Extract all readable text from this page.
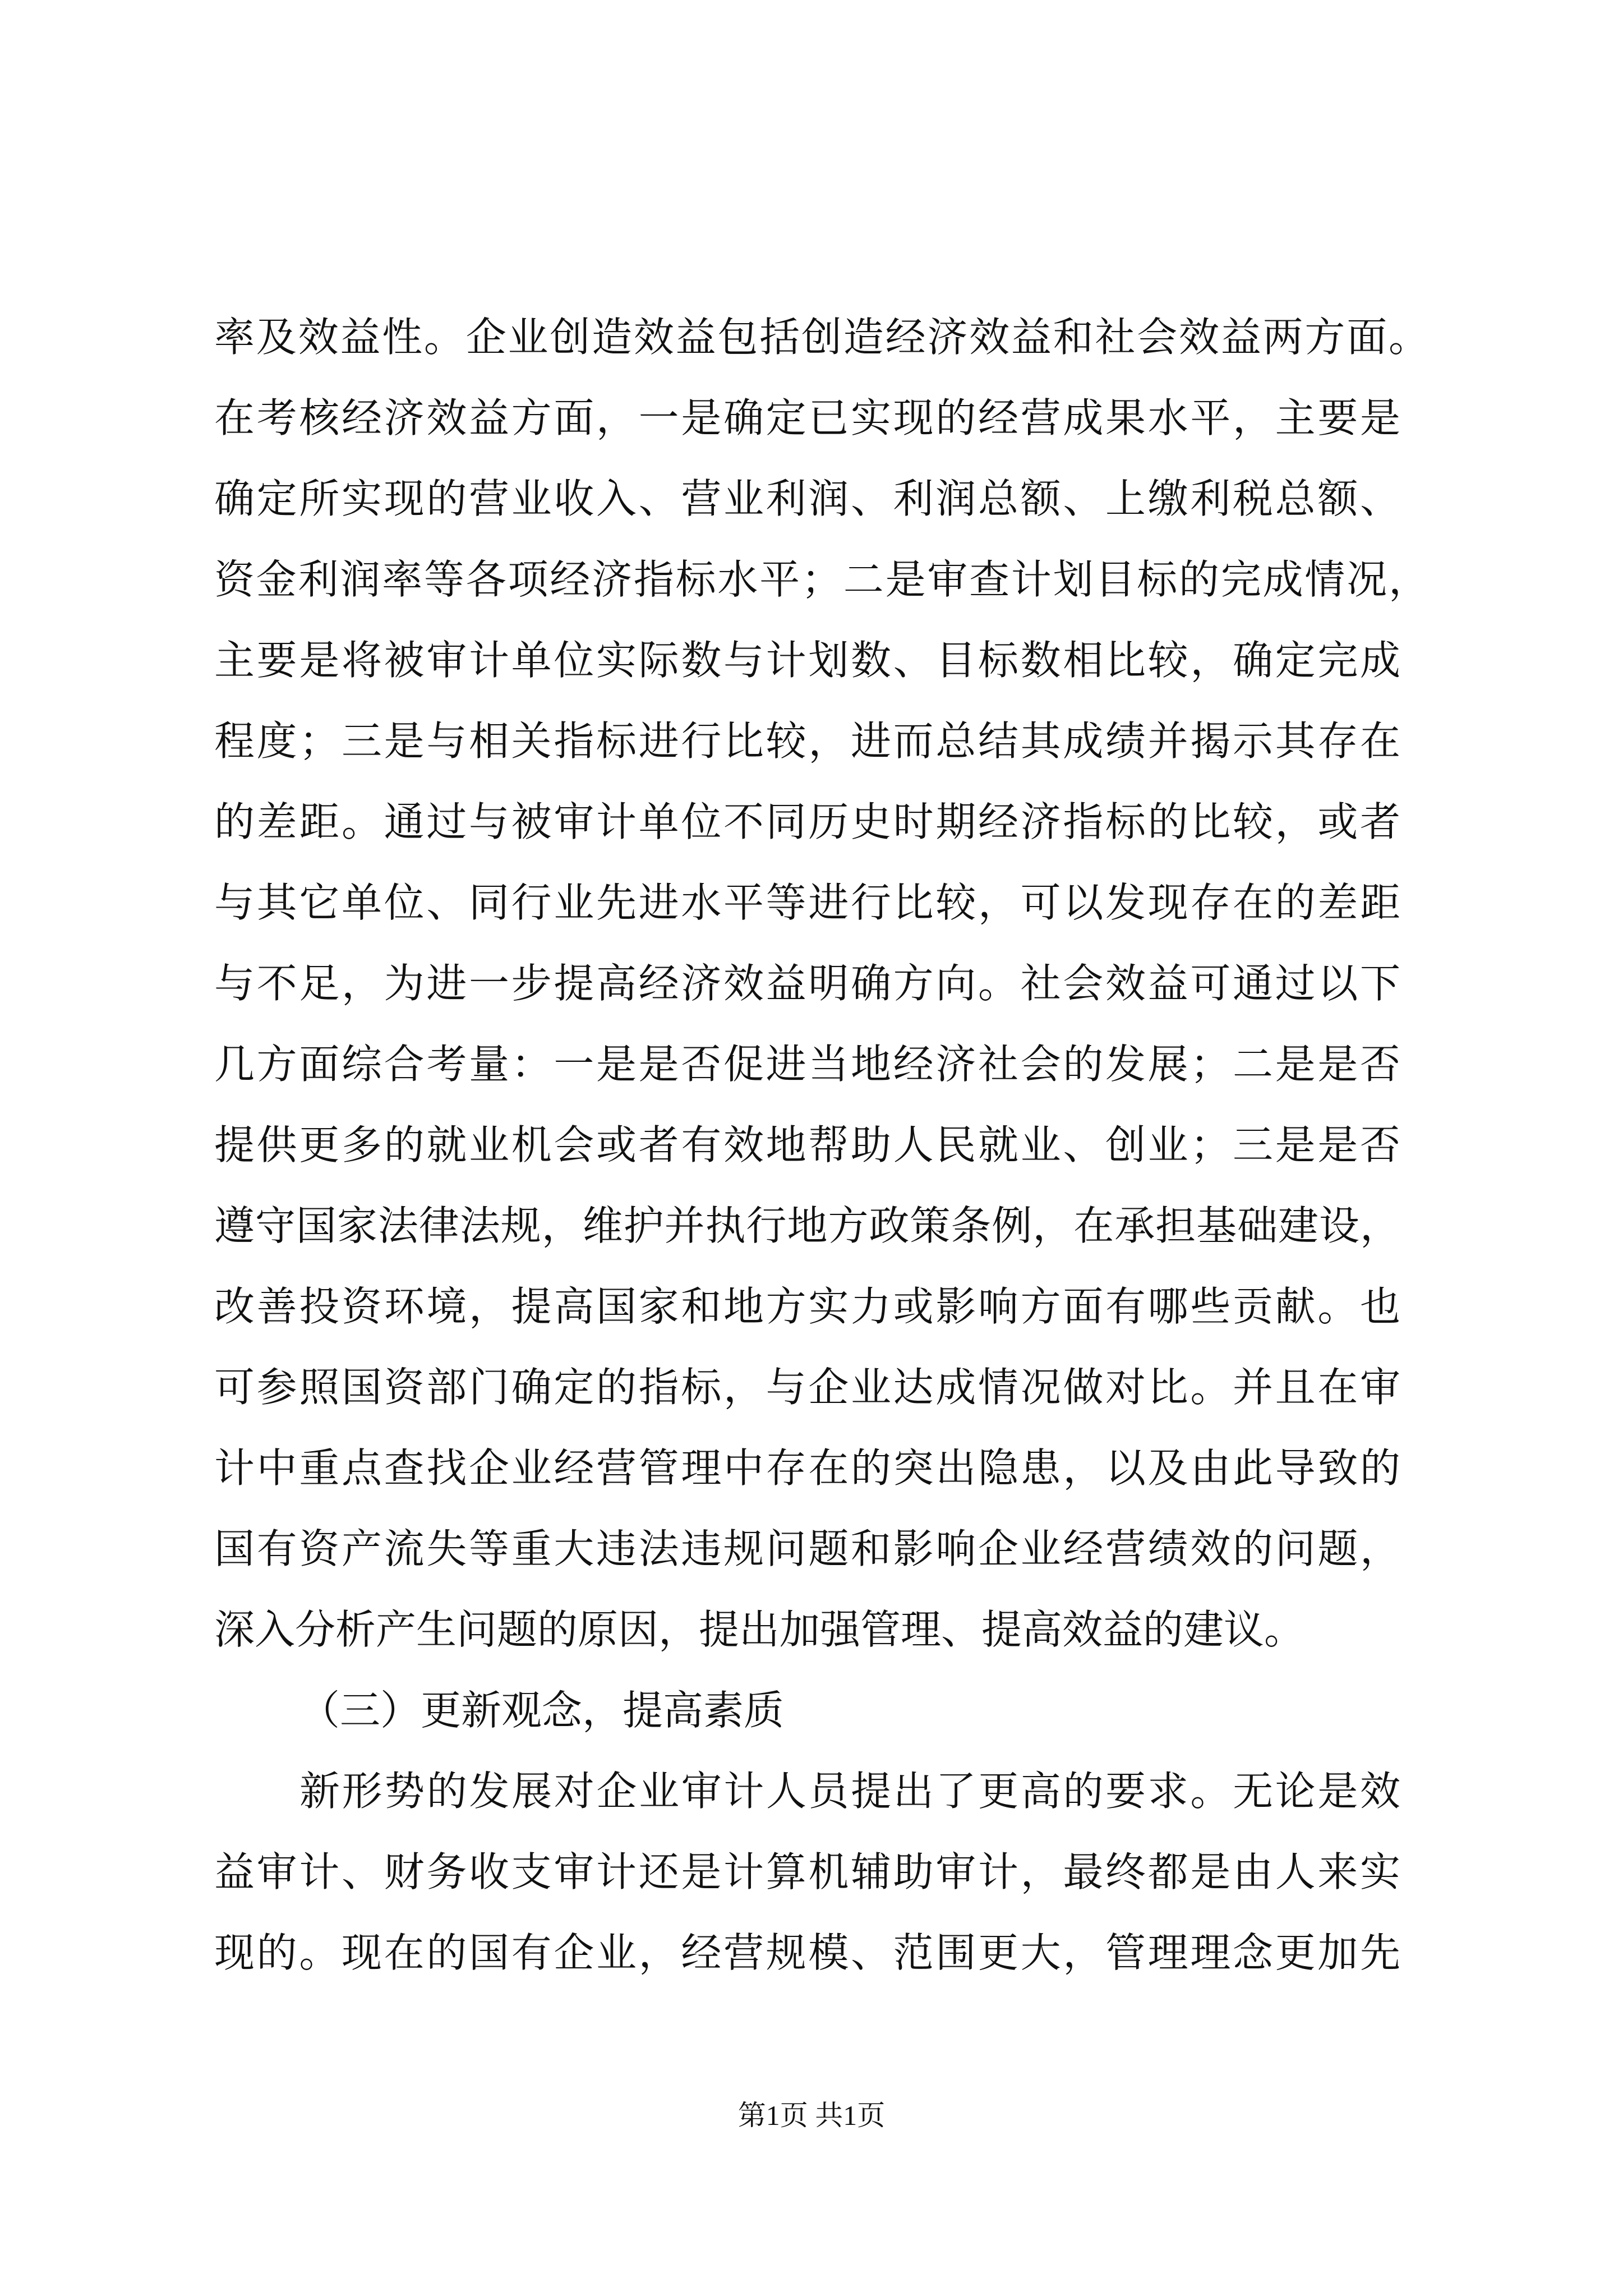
率及效益性。企业创造效益包括创造经济效益和社会效益两方面。
在考核经济效益方面，一是确定已实现的经营成果水平，主要是
确定所实现的营业收入、营业利润、利润总额、上缴利税总额、
资金利润率等各项经济指标水平；二是审查计划目标的完成情况，
主要是将被审计单位实际数与计划数、目标数相比较，确定完成
程度；三是与相关指标进行比较，进而总结其成绩并揭示其存在
的差距。通过与被审计单位不同历史时期经济指标的比较，或者
与其它单位、同行业先进水平等进行比较，可以发现存在的差距
与不足，为进一步提高经济效益明确方向。社会效益可通过以下
几方面综合考量：一是是否促进当地经济社会的发展；二是是否
提供更多的就业机会或者有效地帮助人民就业、创业；三是是否
遵守国家法律法规，维护并执行地方政策条例，在承担基础建设，
改善投资环境，提高国家和地方实力或影响方面有哪些贡献。也
可参照国资部门确定的指标，与企业达成情况做对比。并且在审
计中重点查找企业经营管理中存在的突出隐患，以及由此导致的
国有资产流失等重大违法违规问题和影响企业经营绩效的问题，
深入分析产生问题的原因，提出加强管理、提高效益的建议。
（三）更新观念，提高素质
新形势的发展对企业审计人员提出了更高的要求。无论是效
益审计、财务收支审计还是计算机辅助审计，最终都是由人来实
现的。现在的国有企业，经营规模、范围更大，管理理念更加先
第1页 共1页
